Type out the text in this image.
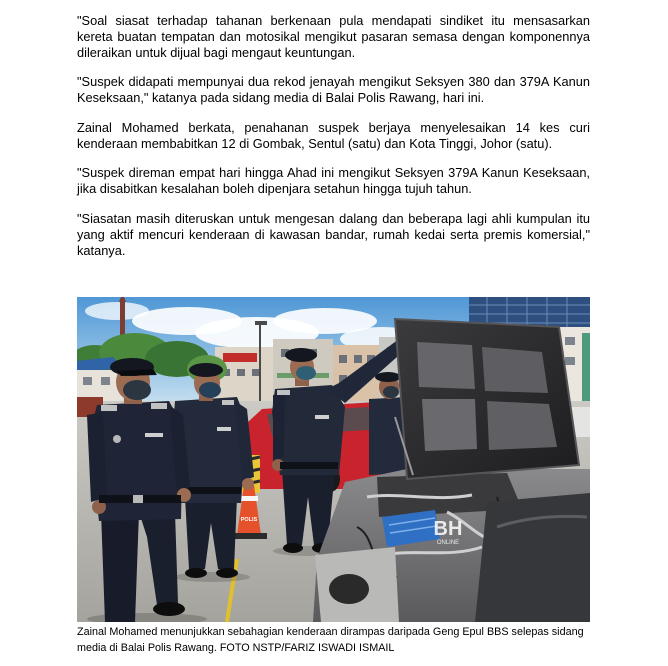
"Soal siasat terhadap tahanan berkenaan pula mendapati sindiket itu mensasarkan
kereta buatan tempatan dan motosikal mengikut pasaran semasa dengan komponennya
dileraikan untuk dijual bagi mengaut keuntungan.
"Suspek didapati mempunyai dua rekod jenayah mengikut Seksyen 380 dan 379A Kanun
Keseksaan," katanya pada sidang media di Balai Polis Rawang, hari ini.
Zainal Mohamed berkata, penahanan suspek berjaya menyelesaikan 14 kes curi
kenderaan membabitkan 12 di Gombak, Sentul (satu) dan Kota Tinggi, Johor (satu).
"Suspek direman empat hari hingga Ahad ini mengikut Seksyen 379A Kanun Keseksaan,
jika disabitkan kesalahan boleh dipenjara setahun hingga tujuh tahun.
"Siasatan masih diteruskan untuk mengesan dalang dan beberapa lagi ahli kumpulan itu
yang aktif mencuri kenderaan di kawasan bandar, rumah kedai serta premis komersial,"
katanya.
POLIS	BH
ONLINE
Zainal Mohamed menunjukkan sebahagian kenderaan dirampas daripada Geng Epul BBS selepas sidang
media di Balai Polis Rawang. FOTO NSTP/FARIZ ISWADI ISMAIL
